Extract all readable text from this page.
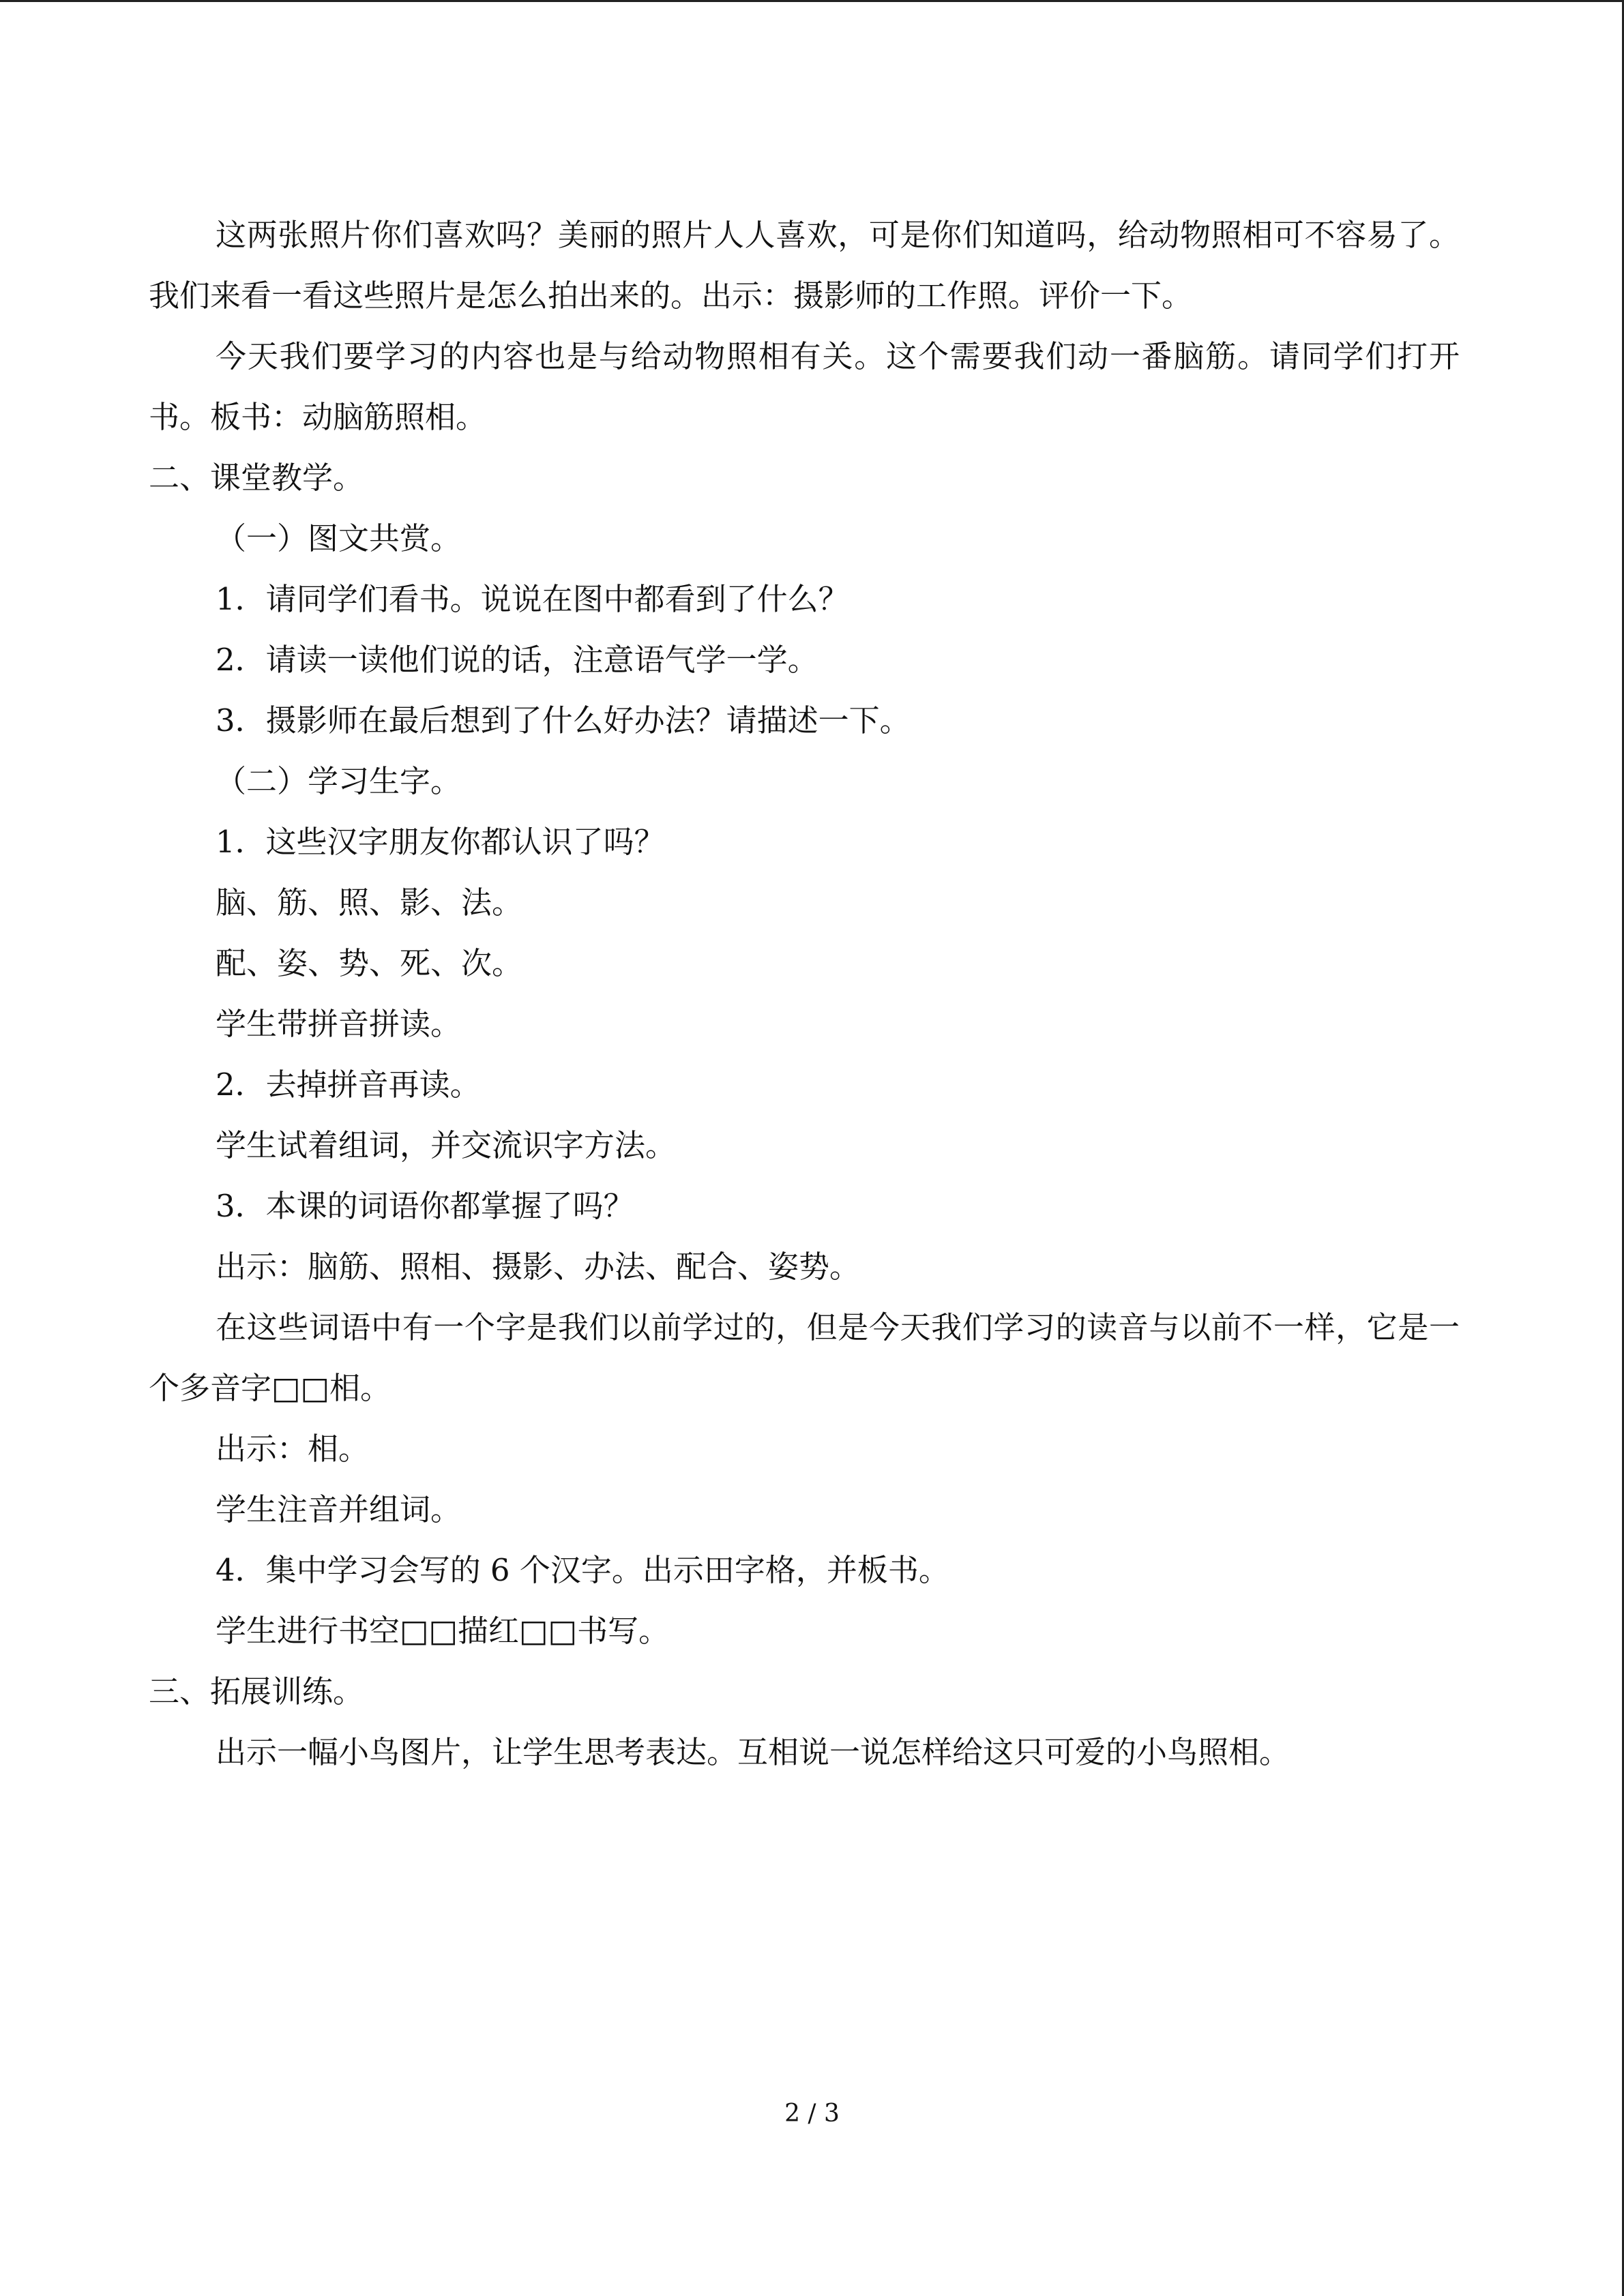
这两张照片你们喜欢吗？美丽的照片人人喜欢，可是你们知道吗，给动物照相可不容易了。我们来看一看这些照片是怎么拍出来的。出示：摄影师的工作照。评价一下。
今天我们要学习的内容也是与给动物照相有关。这个需要我们动一番脑筋。请同学们打开书。板书：动脑筋照相。
二、课堂教学。
（一）图文共赏。
1．请同学们看书。说说在图中都看到了什么？
2．请读一读他们说的话，注意语气学一学。
3．摄影师在最后想到了什么好办法？请描述一下。
（二）学习生字。
1．这些汉字朋友你都认识了吗？
脑、筋、照、影、法。
配、姿、势、死、次。
学生带拼音拼读。
2．去掉拼音再读。
学生试着组词，并交流识字方法。
3．本课的词语你都掌握了吗？
出示：脑筋、照相、摄影、办法、配合、姿势。
在这些词语中有一个字是我们以前学过的，但是今天我们学习的读音与以前不一样，它是一个多音字□□相。
出示：相。
学生注音并组词。
4．集中学习会写的 6 个汉字。出示田字格，并板书。
学生进行书空□□描红□□书写。
三、拓展训练。
出示一幅小鸟图片，让学生思考表达。互相说一说怎样给这只可爱的小鸟照相。
2 / 3
